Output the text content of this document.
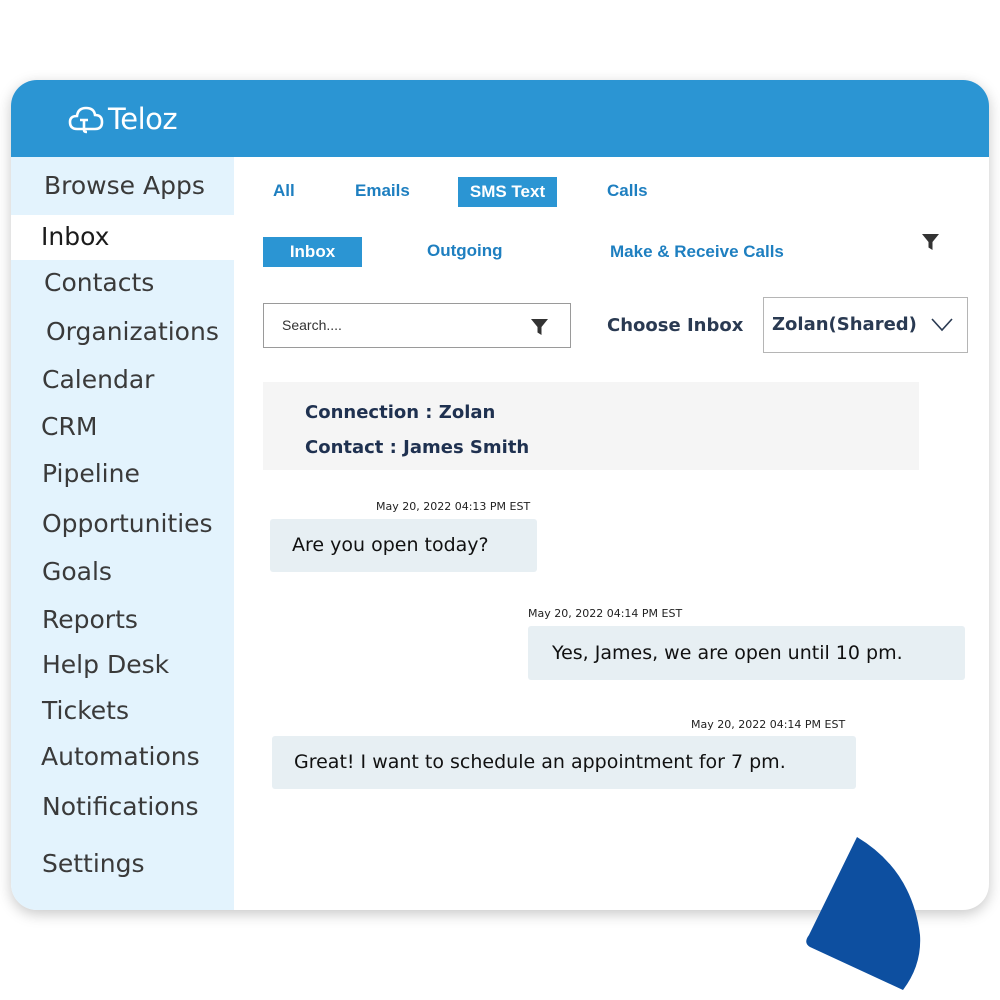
Teloz
Browse Apps
Inbox
Contacts
Organizations
Calendar
CRM
Pipeline
Opportunities
Goals
Reports
Help Desk
Tickets
Automations
Notifications
Settings
All	Emails	SMS Text	Calls
Inbox	Outgoing	Make & Receive Calls
Search....	Choose Inbox Zolan(Shared)
Connection : Zolan
Contact : James Smith
May 20, 2022 04:13 PM EST
Are you open today?
May 20, 2022 04:14 PM EST
Yes, James, we are open until 10 pm.
May 20, 2022 04:14 PM EST
Great! I want to schedule an appointment for 7 pm.
